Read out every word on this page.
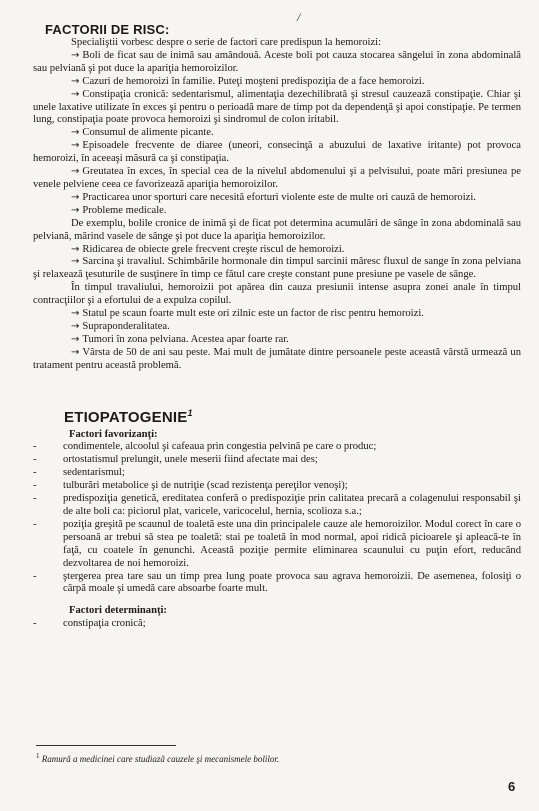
/
FACTORII DE RISC:

Specialiştii vorbesc despre o serie de factori care predispun la hemoroizi:

→ Boli de ficat sau de inimă sau amândouă. Aceste boli pot cauza stocarea sângelui în zona abdominală sau pelviană şi pot duce la apariţia hemoroizilor.

→ Cazuri de hemoroizi în familie. Puteţi moşteni predispoziţia de a face hemoroizi.

→ Constipaţia cronică: sedentarismul, alimentaţia dezechilibrată şi stresul cauzează constipaţie. Chiar şi unele laxative utilizate în exces şi pentru o perioadă mare de timp pot da dependenţă şi apoi constipaţie. Pe termen lung, constipaţia poate provoca hemoroizi şi sindromul de colon iritabil.

→ Consumul de alimente picante.

→ Episoadele frecvente de diaree (uneori, consecinţă a abuzului de laxative iritante) pot provoca hemoroizi, în aceeaşi măsură ca şi constipaţia.

→ Greutatea în exces, în special cea de la nivelul abdomenului şi a pelvisului, poate mări presiunea pe venele pelviene ceea ce favorizează apariţia hemoroizilor.

→ Practicarea unor sporturi care necesită eforturi violente este de multe ori cauză de hemoroizi.

→ Probleme medicale.

De exemplu, bolile cronice de inimă şi de ficat pot determina acumulări de sânge în zona abdominală sau pelviană, mărind vasele de sânge şi pot duce la apariţia hemoroizilor.

→ Ridicarea de obiecte grele frecvent creşte riscul de hemoroizi.

→ Sarcina şi travaliul. Schimbările hormonale din timpul sarcinii măresc fluxul de sange în zona pelviana şi relaxează ţesuturile de susţinere în timp ce fătul care creşte constant pune presiune pe vasele de sânge.

În timpul travaliului, hemoroizii pot apărea din cauza presiunii intense asupra zonei anale în timpul contracţiilor şi a efortului de a expulza copilul.

→ Statul pe scaun foarte mult este ori zilnic este un factor de risc pentru hemoroizi.

→ Supraponderalitatea.

→ Tumori în zona pelviana. Acestea apar foarte rar.

→ Vârsta de 50 de ani sau peste. Mai mult de jumătate dintre persoanele peste această vârstă urmează un tratament pentru această problemă.

ETIOPATOGENIE$^1$

Factori favorizanţi:

-	condimentele, alcoolul şi cafeaua prin congestia pelvină pe care o produc;

-	ortostatismul prelungit, unele meserii fiind afectate mai des;

-	sedentarismul;

-	tulburări metabolice şi de nutriţie (scad rezistenţa pereţilor venoşi);

-	predispoziţia genetică, ereditatea conferă o predispoziţie prin calitatea precară a colagenului responsabil şi de alte boli ca: piciorul plat, varicele, varicocelul, hernia, scolioza s.a.;

-	poziţia greşită pe scaunul de toaletă este una din principalele cauze ale hemoroizilor. Modul corect în care o persoană ar trebui să stea pe toaletă: stai pe toaletă în mod normal, apoi ridică picioarele şi apleacă-te în faţă, cu coatele în genunchi. Această poziţie permite eliminarea scaunului cu puţin efort, reducând dezvoltarea de noi hemoroizi.

-	ştergerea prea tare sau un timp prea lung poate provoca sau agrava hemoroizii. De asemenea, folosiţi o cârpă moale şi umedă care absoarbe foarte mult.

Factori determinanţi:

-	constipaţia cronică;

$^1$ Ramură a medicinei care studiază cauzele şi mecanismele bolilor.
6
